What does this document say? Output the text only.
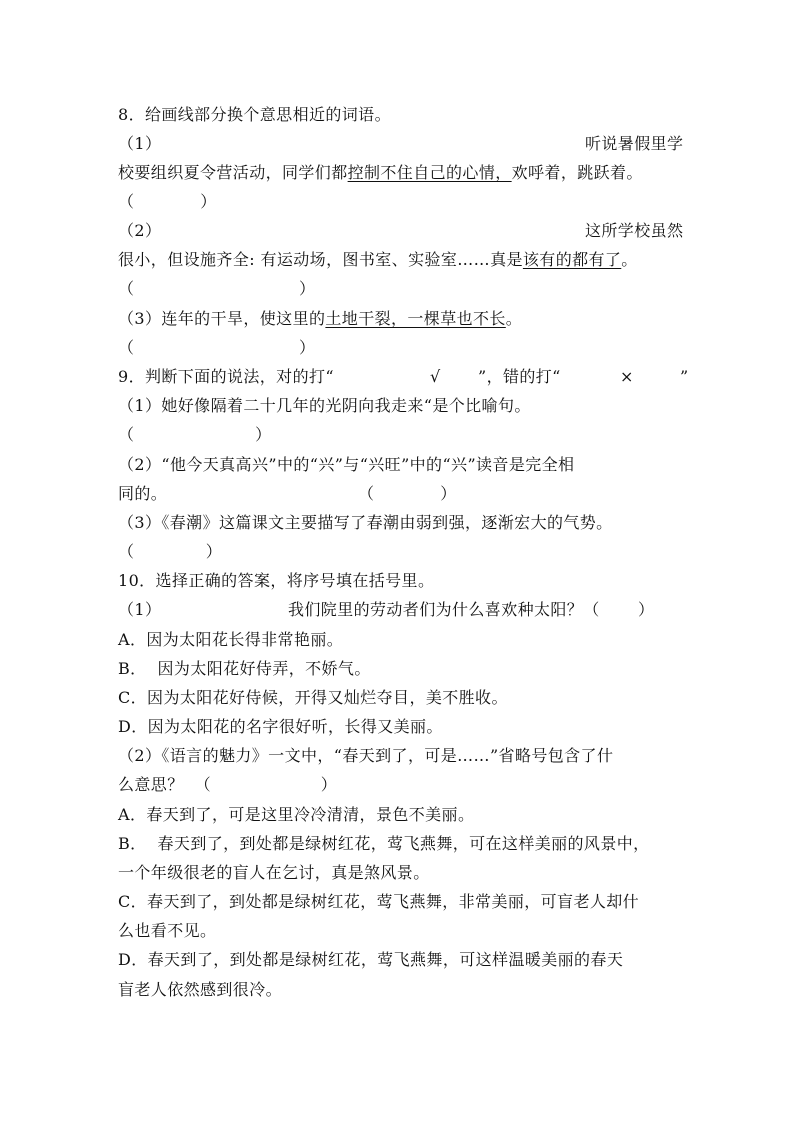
8．给画线部分换个意思相近的词语。
（1）	听说暑假里学
校要组织夏令营活动，同学们都控制不住自己的心情，欢呼着，跳跃着。
（            ）
（2）	这所学校虽然
很小，但设施齐全: 有运动场，图书室、实验室……真是该有的都有了。
（                              ）
（3）连年的干旱，使这里的土地干裂，一棵草也不长。
（                              ）
9．判断下面的说法，对的打“	√ ”，错的打“	×	”
（1）她好像隔着二十几年的光阴向我走来“是个比喻句。
（                      ）
（2）“他今天真高兴”中的“兴”与“兴旺”中的“兴”读音是完全相
同的。	（            ）
（3）《春潮》这篇课文主要描写了春潮由弱到强，逐渐宏大的气势。
（             ）
10．选择正确的答案，将序号填在括号里。
（1）	我们院里的劳动者们为什么喜欢种太阳？（       ）
A．因为太阳花长得非常艳丽。
B．  因为太阳花好侍弄，不娇气。
C．因为太阳花好侍候，开得又灿烂夺目，美不胜收。
D．因为太阳花的名字很好听，长得又美丽。
（2）《语言的魅力》一文中，“春天到了，可是……”省略号包含了什
么意思？  （                    ）
A．春天到了，可是这里冷冷清清，景色不美丽。
B．  春天到了，到处都是绿树红花，莺飞燕舞，可在这样美丽的风景中，
一个年级很老的盲人在乞讨，真是煞风景。
C．春天到了，到处都是绿树红花，莺飞燕舞，非常美丽，可盲老人却什
么也看不见。
D．春天到了，到处都是绿树红花，莺飞燕舞，可这样温暖美丽的春天
盲老人依然感到很冷。
